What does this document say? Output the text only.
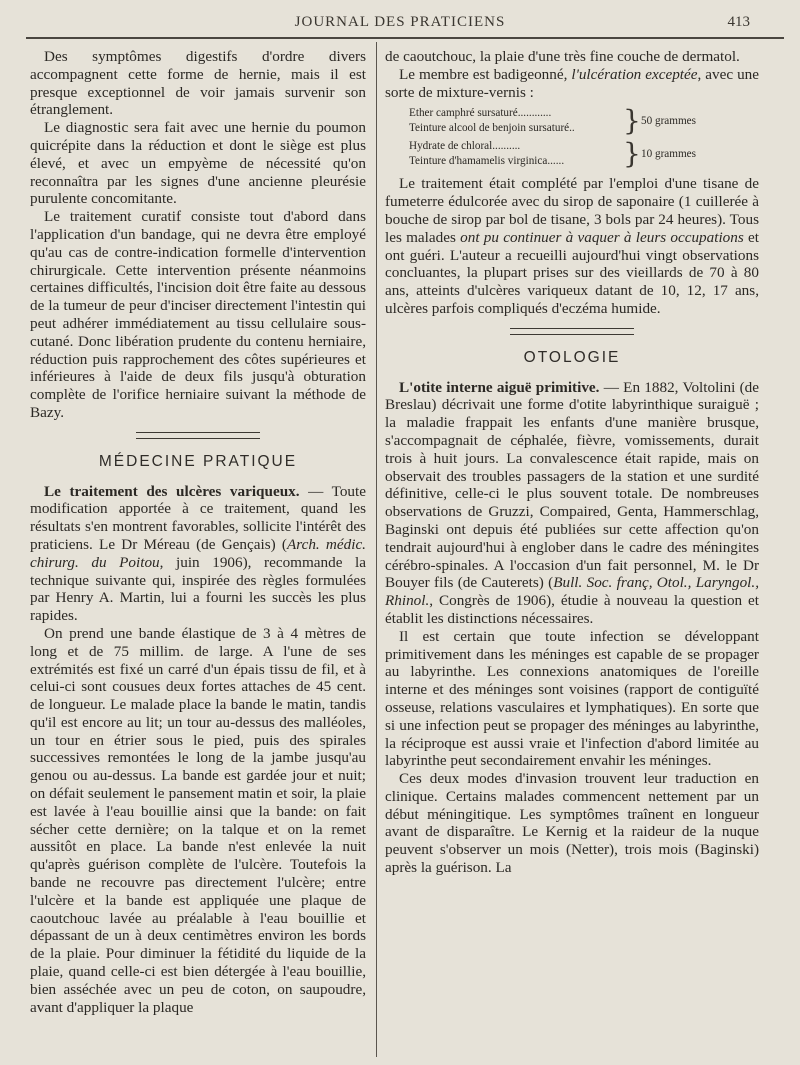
JOURNAL DES PRATICIENS	413

Des symptômes digestifs d'ordre divers accompagnent cette forme de hernie, mais il est presque exceptionnel de voir jamais survenir son étranglement.

Le diagnostic sera fait avec une hernie du poumon quicrépite dans la réduction et dont le siège est plus élevé, et avec un empyème de nécessité qu'on reconnaîtra par les signes d'une ancienne pleurésie purulente concomitante.

Le traitement curatif consiste tout d'abord dans l'application d'un bandage, qui ne devra être employé qu'au cas de contre-indication formelle d'intervention chirurgicale. Cette intervention présente néanmoins certaines difficultés, l'incision doit être faite au dessous de la tumeur de peur d'inciser directement l'intestin qui peut adhérer immédiatement au tissu cellulaire sous-cutané. Donc libération prudente du contenu herniaire, réduction puis rapprochement des côtes supérieures et inférieures à l'aide de deux fils jusqu'à obturation complète de l'orifice herniaire suivant la méthode de Bazy.

MÉDECINE PRATIQUE

Le traitement des ulcères variqueux. — Toute modification apportée à ce traitement, quand les résultats s'en montrent favorables, sollicite l'intérêt des praticiens. Le Dr Méreau (de Gençais) (Arch. médic. chirurg. du Poitou, juin 1906), recommande la technique suivante qui, inspirée des règles formulées par Henry A. Martin, lui a fourni les succès les plus rapides.

On prend une bande élastique de 3 à 4 mètres de long et de 75 millim. de large. A l'une de ses extrémités est fixé un carré d'un épais tissu de fil, et à celui-ci sont cousues deux fortes attaches de 45 cent. de longueur. Le malade place la bande le matin, tandis qu'il est encore au lit; un tour au-dessus des malléoles, un tour en étrier sous le pied, puis des spirales successives remontées le long de la jambe jusqu'au genou ou au-dessus. La bande est gardée jour et nuit; on défait seulement le pansement matin et soir, la plaie est lavée à l'eau bouillie ainsi que la bande: on fait sécher cette dernière; on la talque et on la remet aussitôt en place. La bande n'est enlevée la nuit qu'après guérison complète de l'ulcère. Toutefois la bande ne recouvre pas directement l'ulcère; entre l'ulcère et la bande est appliquée une plaque de caoutchouc lavée au préalable à l'eau bouillie et dépassant de un à deux centimètres environ les bords de la plaie. Pour diminuer la fétidité du liquide de la plaie, quand celle-ci est bien détergée à l'eau bouillie, bien asséchée avec un peu de coton, on saupoudre, avant d'appliquer la plaque

de caoutchouc, la plaie d'une très fine couche de dermatol.

Le membre est badigeonné, l'ulcération exceptée, avec une sorte de mixture-vernis :

Ether camphré sursaturé............
Teinture alcool de benjoin sursaturé..	} 50 grammes
Hydrate de chloral..........
Teinture d'hamamelis virginica......	} 10 grammes

Le traitement était complété par l'emploi d'une tisane de fumeterre édulcorée avec du sirop de saponaire (1 cuillerée à bouche de sirop par bol de tisane, 3 bols par 24 heures). Tous les malades ont pu continuer à vaquer à leurs occupations et ont guéri. L'auteur a recueilli aujourd'hui vingt observations concluantes, la plupart prises sur des vieillards de 70 à 80 ans, atteints d'ulcères variqueux datant de 10, 12, 17 ans, ulcères parfois compliqués d'eczéma humide.

OTOLOGIE

L'otite interne aiguë primitive. — En 1882, Voltolini (de Breslau) décrivait une forme d'otite labyrinthique suraiguë ; la maladie frappait les enfants d'une manière brusque, s'accompagnait de céphalée, fièvre, vomissements, durait trois à huit jours. La convalescence était rapide, mais on observait des troubles passagers de la station et une surdité définitive, celle-ci le plus souvent totale. De nombreuses observations de Gruzzi, Compaired, Genta, Hammerschlag, Baginski ont depuis été publiées sur cette affection qu'on tendrait aujourd'hui à englober dans le cadre des méningites cérébro-spinales. A l'occasion d'un fait personnel, M. le Dr Bouyer fils (de Cauterets) (Bull. Soc. franç, Otol., Laryngol., Rhinol., Congrès de 1906), étudie à nouveau la question et établit les distinctions nécessaires.

Il est certain que toute infection se développant primitivement dans les méninges est capable de se propager au labyrinthe. Les connexions anatomiques de l'oreille interne et des méninges sont voisines (rapport de contiguïté osseuse, relations vasculaires et lymphatiques). En sorte que si une infection peut se propager des méninges au labyrinthe, la réciproque est aussi vraie et l'infection d'abord limitée au labyrinthe peut secondairement envahir les méninges.

Ces deux modes d'invasion trouvent leur traduction en clinique. Certains malades commencent nettement par un début méningitique. Les symptômes traînent en longueur avant de disparaître. Le Kernig et la raideur de la nuque peuvent s'observer un mois (Netter), trois mois (Baginski) après la guérison. La
